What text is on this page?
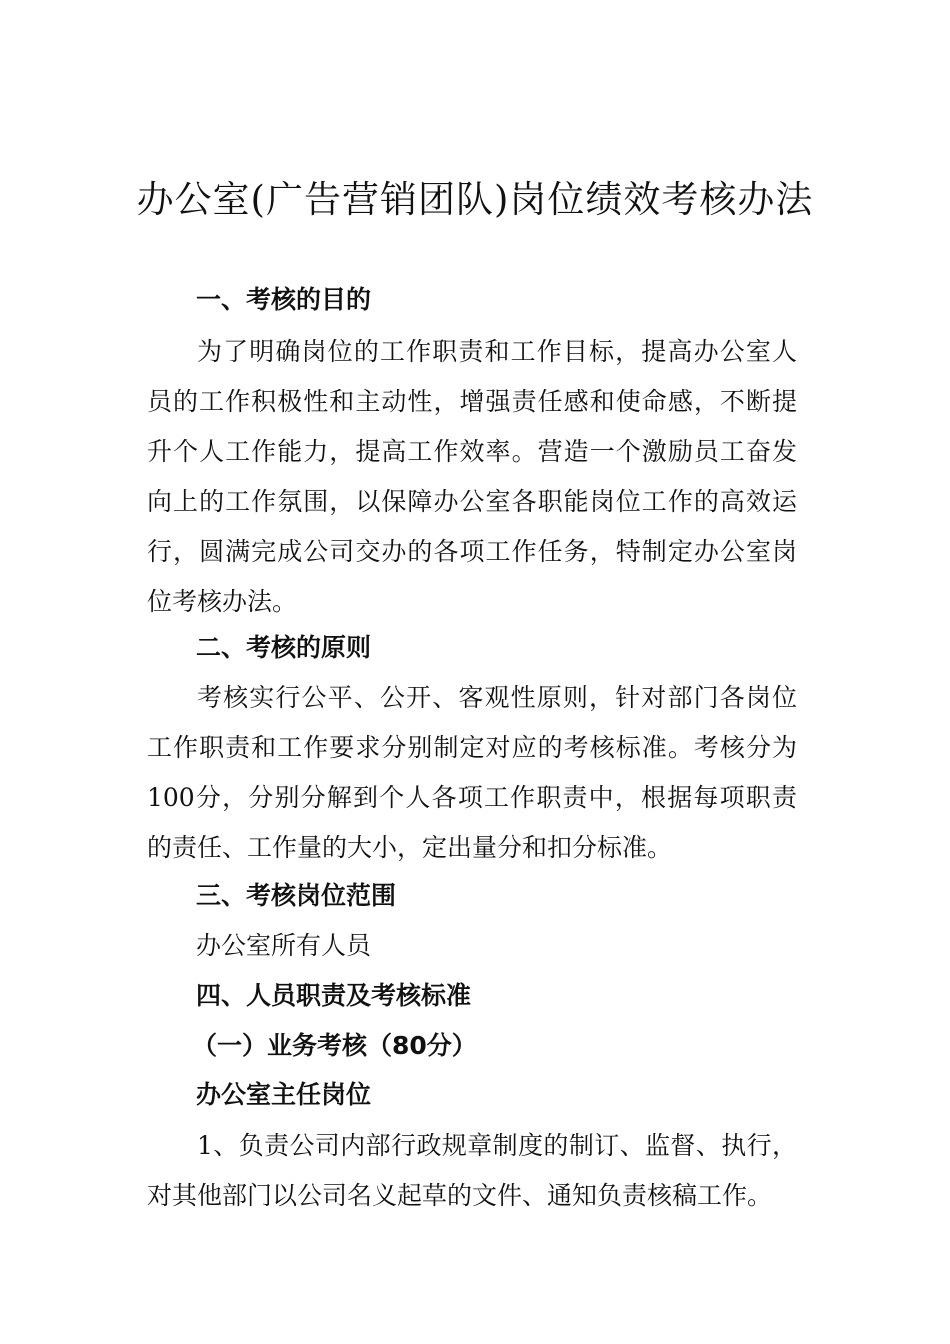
办公室(广告营销团队)岗位绩效考核办法
一、考核的目的
为了明确岗位的工作职责和工作目标，提高办公室人
员的工作积极性和主动性，增强责任感和使命感，不断提
升个人工作能力，提高工作效率。营造一个激励员工奋发
向上的工作氛围，以保障办公室各职能岗位工作的高效运
行，圆满完成公司交办的各项工作任务，特制定办公室岗
位考核办法。
二、考核的原则
考核实行公平、公开、客观性原则，针对部门各岗位
工作职责和工作要求分别制定对应的考核标准。考核分为
100分，分别分解到个人各项工作职责中，根据每项职责
的责任、工作量的大小，定出量分和扣分标准。
三、考核岗位范围
办公室所有人员
四、人员职责及考核标准
（一）业务考核（80分）
办公室主任岗位
1、负责公司内部行政规章制度的制订、监督、执行，
对其他部门以公司名义起草的文件、通知负责核稿工作。
